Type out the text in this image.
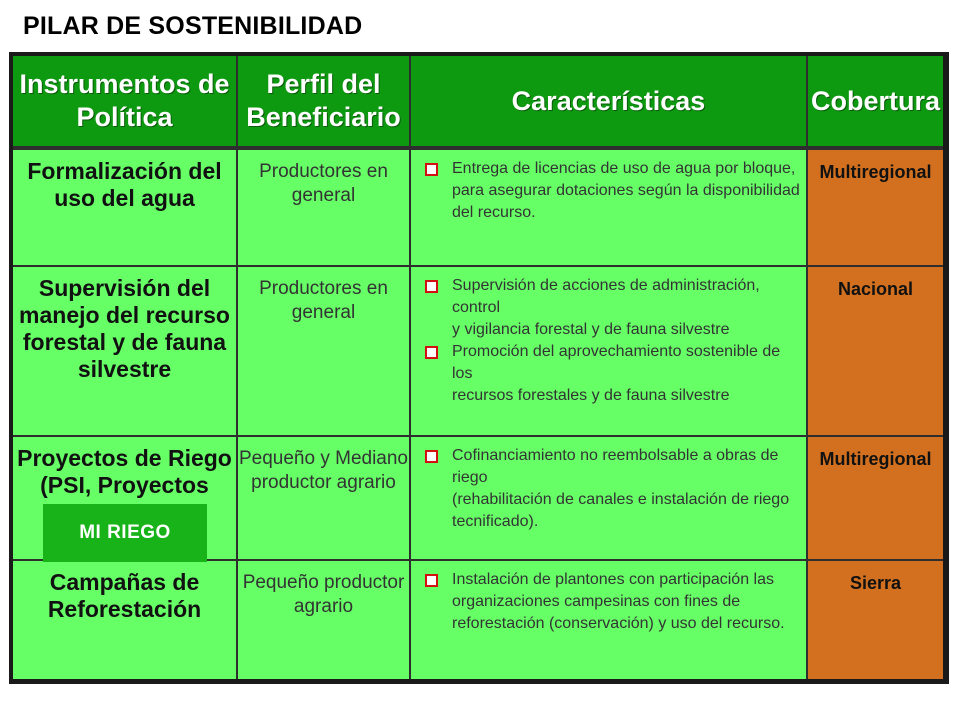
PILAR DE SOSTENIBILIDAD
Instrumentos de
Política
Perfil del
Beneficiario
Características	Cobertura
Formalización del
uso del agua
Productores en
general
Entrega de licencias de uso de agua por bloque,
para asegurar dotaciones según la disponibilidad
del recurso.
Multiregional
Supervisión del
manejo del recurso
forestal y de fauna
silvestre
Productores en
general
Supervisión de acciones de administración, control
y vigilancia forestal y de fauna silvestre
Promoción del aprovechamiento sostenible de los
recursos forestales y de fauna silvestre
Nacional
Proyectos de Riego
(PSI, Proyectos
Pequeño y Mediano
productor agrario
Cofinanciamiento no reembolsable a obras de riego
(rehabilitación de canales e instalación de riego
tecnificado).
Multiregional
Campañas de
Reforestación
Pequeño productor
agrario
Instalación de plantones con participación las
organizaciones campesinas con fines de
reforestación (conservación) y uso del recurso.
Sierra
MI RIEGO
